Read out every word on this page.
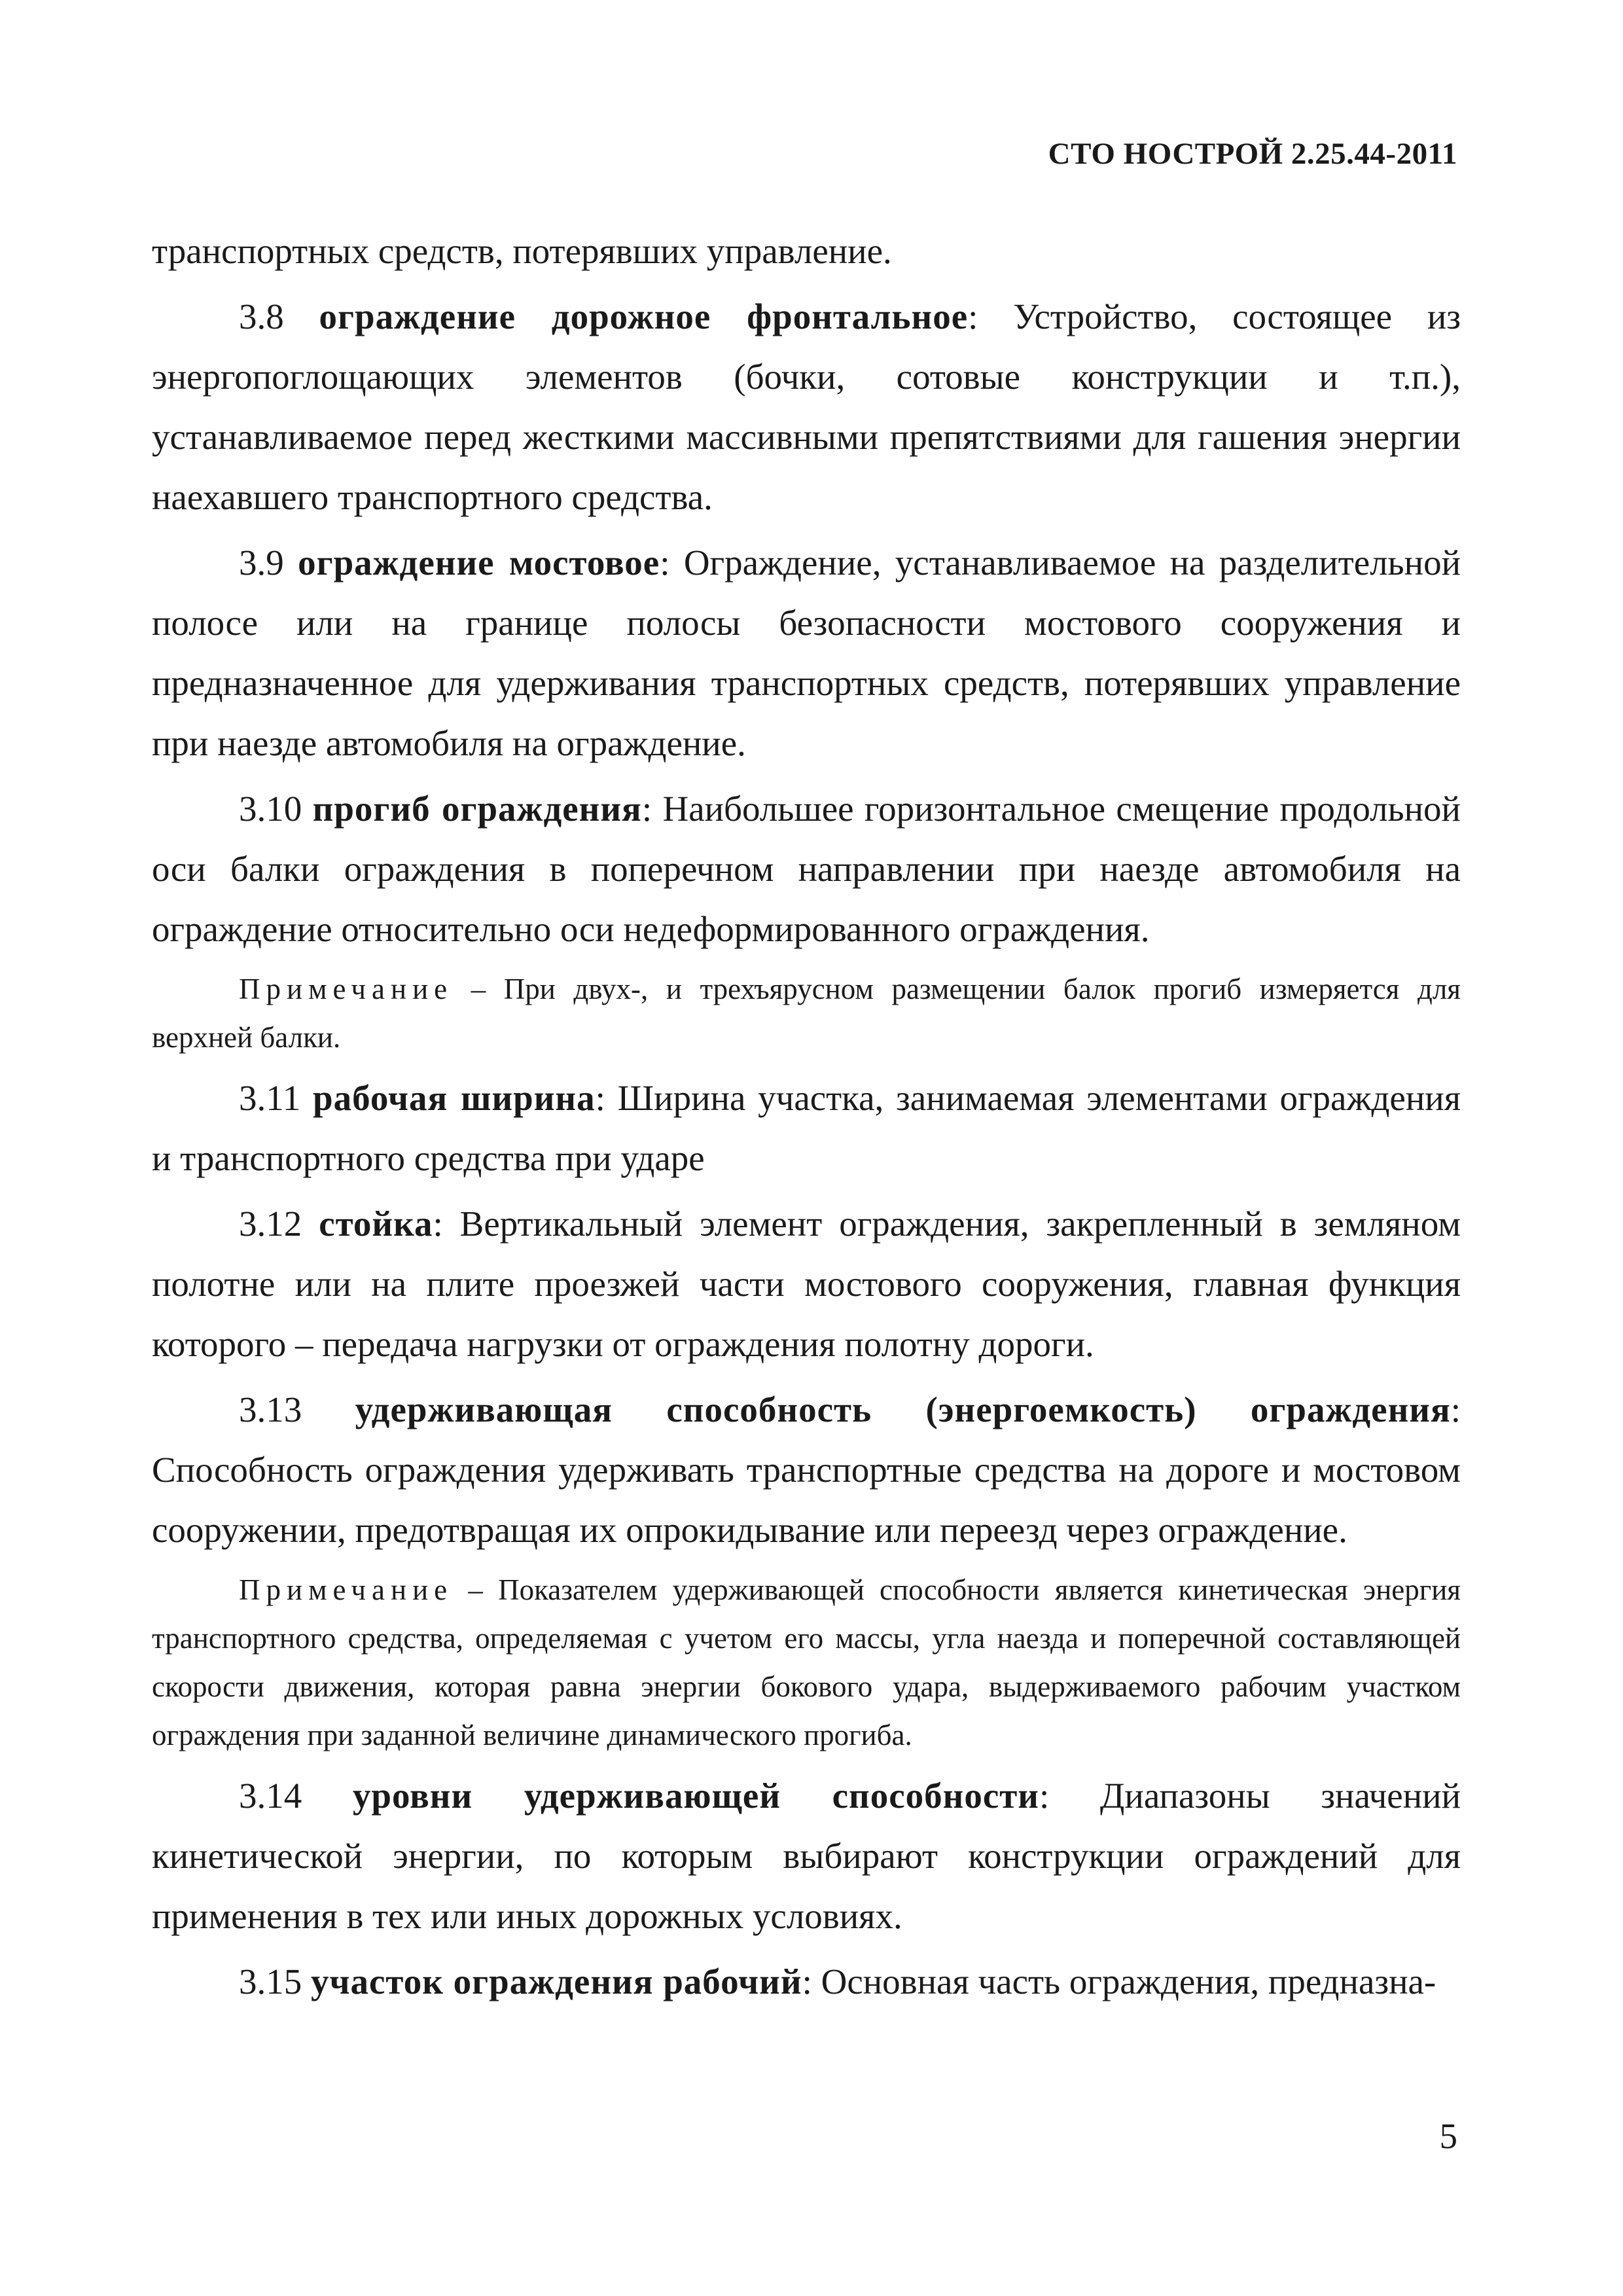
СТО НОСТРОЙ 2.25.44-2011

транспортных средств, потерявших управление.

3.8 ограждение дорожное фронтальное: Устройство, состоящее из энергопоглощающих элементов (бочки, сотовые конструкции и т.п.), устанавливаемое перед жесткими массивными препятствиями для гашения энергии наехавшего транспортного средства.

3.9 ограждение мостовое: Ограждение, устанавливаемое на разделительной полосе или на границе полосы безопасности мостового сооружения и предназначенное для удерживания транспортных средств, потерявших управление при наезде автомобиля на ограждение.

3.10 прогиб ограждения: Наибольшее горизонтальное смещение продольной оси балки ограждения в поперечном направлении при наезде автомобиля на ограждение относительно оси недеформированного ограждения.

Примечание – При двух-, и трехъярусном размещении балок прогиб измеряется для верхней балки.

3.11 рабочая ширина: Ширина участка, занимаемая элементами ограждения и транспортного средства при ударе

3.12 стойка: Вертикальный элемент ограждения, закрепленный в земляном полотне или на плите проезжей части мостового сооружения, главная функция которого – передача нагрузки от ограждения полотну дороги.

3.13 удерживающая способность (энергоемкость) ограждения: Способность ограждения удерживать транспортные средства на дороге и мостовом сооружении, предотвращая их опрокидывание или переезд через ограждение.

Примечание – Показателем удерживающей способности является кинетическая энергия транспортного средства, определяемая с учетом его массы, угла наезда и поперечной составляющей скорости движения, которая равна энергии бокового удара, выдерживаемого рабочим участком ограждения при заданной величине динамического прогиба.

3.14 уровни удерживающей способности: Диапазоны значений кинетической энергии, по которым выбирают конструкции ограждений для применения в тех или иных дорожных условиях.

3.15 участок ограждения рабочий: Основная часть ограждения, предназна-

5
